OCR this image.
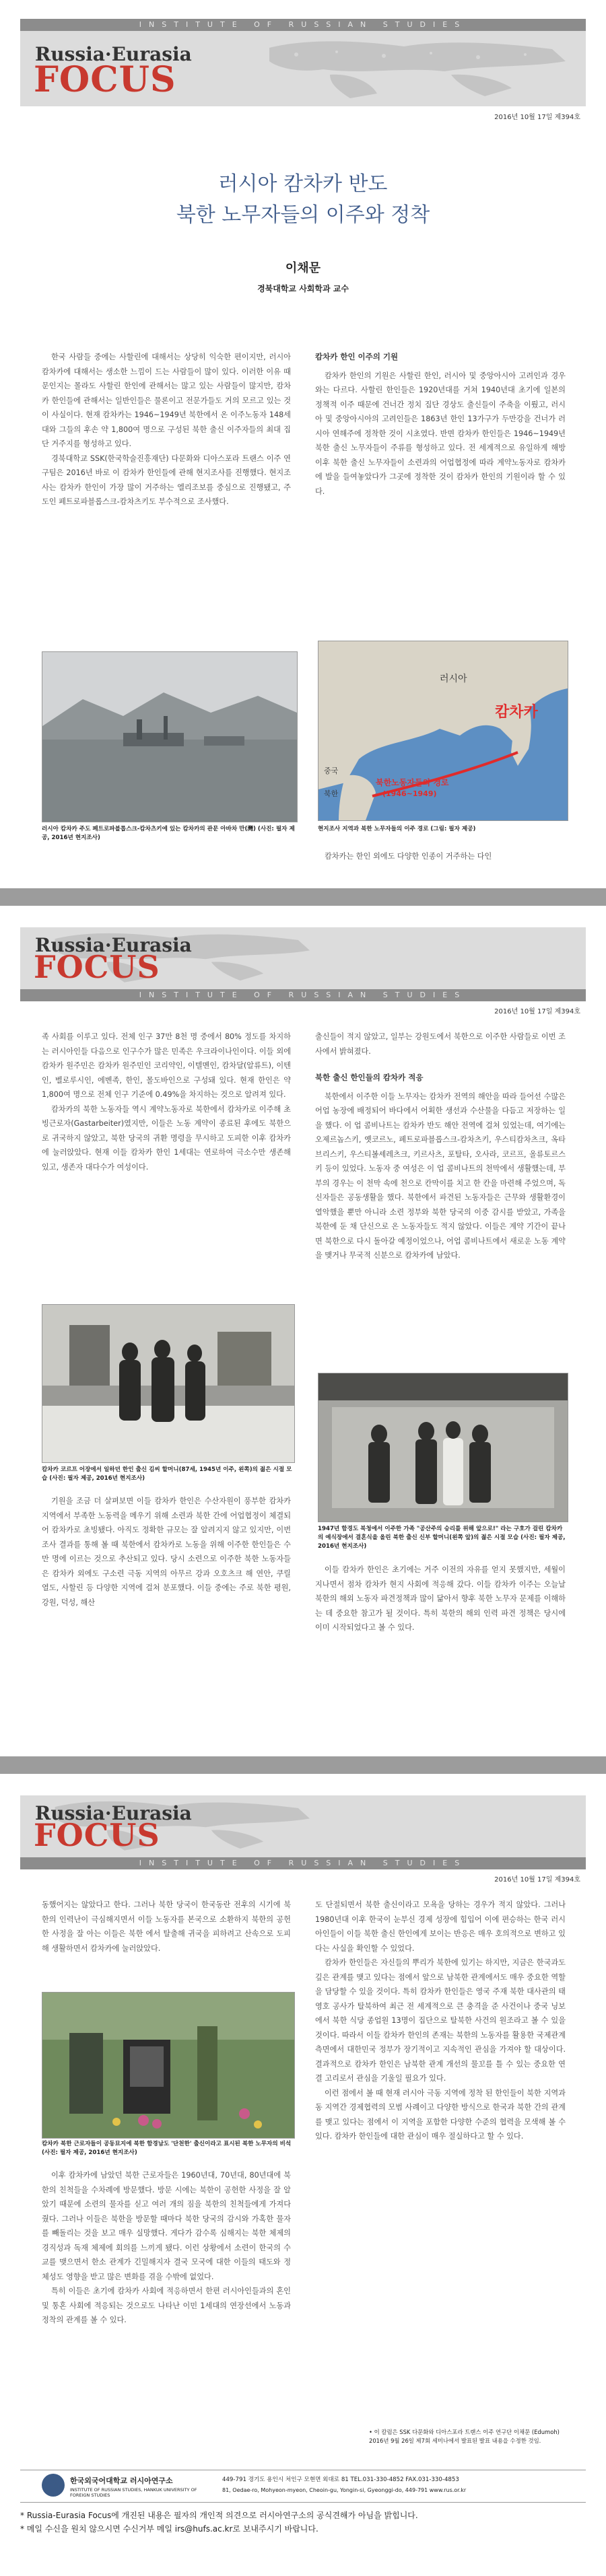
INSTITUTE OF RUSSIAN STUDIES
Russia·Eurasia
FOCUS
2016년 10월 17일 제394호
러시아 캄차카 반도
북한 노무자들의 이주와 정착
이채문
경북대학교 사회학과 교수

한국 사람들 중에는 사할린에 대해서는 상당히 익숙한 편이지만, 러시아 캄차카에 대해서는 생소한 느낌이 드는 사람들이 많이 있다. 이러한 이유 때문인지는 몰라도 사할린 한인에 관해서는 많고 있는 사람들이 많지만, 캄차카 한인들에 관해서는 일반인들은 물론이고 전문가들도 거의 모르고 있는 것이 사실이다. 현재 캄차카는 1946~1949년 북한에서 온 이주노동자 148세대와 그들의 후손 약 1,800여 명으로 구성된 북한 출신 이주자들의 최대 집단 거주지를 형성하고 있다.

경북대학교 SSK(한국학술진흥재단) 다문화와 디아스포라 트랜스 이주 연구팀은 2016년 바로 이 캄차카 한인들에 관해 현지조사를 진행했다. 현지조사는 캄차카 한인이 가장 많이 거주하는 엘리조보를 중심으로 진행됐고, 주도인 페트로파블롭스크-캄차츠키도 부수적으로 조사했다.

러시아 캄차카 주도 페트로파블롭스크-캄차츠키에 있는 캄차카의 관문 아바차 만(灣) (사진: 필자 제공, 2016년 현지조사)

캄차카 한인 이주의 기원

캄차카 한인의 기원은 사할린 한인, 러시아 및 중앙아시아 고려인과 경우와는 다르다. 사할린 한인들은 1920년대를 거쳐 1940년대 초기에 일본의 정책적 이주 때문에 건너간 정치 집단 경상도 출신들이 주축을 이뤘고, 러시아 및 중앙아시아의 고려인들은 1863년 한인 13가구가 두만강을 건너가 러시아 연해주에 정착한 것이 시초였다. 반면 캄차카 한인들은 1946~1949년 북한 출신 노무자들이 주류를 형성하고 있다. 전 세계적으로 유일하게 해방 이후 북한 출신 노무자들이 소련과의 어업협정에 따라 계약노동자로 캄차카에 발을 들여놓았다가 그곳에 정착한 것이 캄차카 한인의 기원이라 할 수 있다.

러시아
캄차카
중국
북한
북한노동자들의 경로
(1946~1949)
현지조사 지역과 북한 노무자들의 이주 경로 (그림: 필자 제공)

캄차카는 한인 외에도 다양한 인종이 거주하는 다인

Russia·Eurasia
FOCUS
INSTITUTE OF RUSSIAN STUDIES
2016년 10월 17일 제394호

족 사회를 이루고 있다. 전체 인구 37만 8천 명 중에서 80% 정도를 차지하는 러시아인들 다음으로 인구수가 많은 민족은 우크라이나인이다. 이들 외에 캄차카 원주민은 캄차카 원주민인 코리약인, 이텔멘인, 캄차달(알류트), 이텐인, 벨로루시인, 에벤족, 한인, 몰도바인으로 구성돼 있다. 현재 한인은 약 1,800여 명으로 전체 인구 기준에 0.49%을 차지하는 것으로 알려져 있다.

캄차카의 북한 노동자들 역시 계약노동자로 북한에서 캄차카로 이주해 초빙근로자(Gastarbeiter)였지만, 이들은 노동 계약이 종료된 후에도 북한으로 귀국하지 않았고, 북한 당국의 귀환 명령을 무시하고 도피한 이후 캄차카에 눌러앉았다. 현재 이들 캄차카 한인 1세대는 연로하여 극소수만 생존해 있고, 생존자 대다수가 여성이다.

캄차카 코르프 어장에서 일하던 한인 출신 김씨 할머니(87세, 1945년 이주, 왼쪽)의 젊은 시절 모습 (사진: 필자 제공, 2016년 현지조사)

기원을 조금 더 살펴보면 이들 캄차카 한인은 수산자원이 풍부한 캄차카 지역에서 부족한 노동력을 메우기 위해 소련과 북한 간에 어업협정이 체결되어 캄차카로 초빙됐다. 아직도 정확한 규모는 잘 알려지지 않고 있지만, 이번 조사 결과를 통해 볼 때 북한에서 캄차카로 노동을 위해 이주한 한인들은 수만 명에 이르는 것으로 추산되고 있다. 당시 소련으로 이주한 북한 노동자들은 캄차카 외에도 구소련 극동 지역의 아무르 강과 오호츠크 해 연안, 쿠릴 열도, 사할린 등 다양한 지역에 걸쳐 분포했다. 이들 중에는 주로 북한 평원, 강원, 덕성, 해산

출신들이 적지 않았고, 일부는 강원도에서 북한으로 이주한 사람들로 이번 조사에서 밝혀졌다.

북한 출신 한인들의 캄차카 적응

북한에서 이주한 이들 노무자는 캄차카 전역의 해안을 따라 들어선 수많은 어업 농장에 배정되어 바다에서 어획한 생선과 수산물을 다듬고 저장하는 일을 했다. 이 업 콤비나트는 캄차카 반도 해안 전역에 걸쳐 있었는데, 여기에는 오제르놉스키, 옛코르노, 페트로파블롭스크-캄차츠키, 우스티캄차츠크, 옥타브리스키, 우스티볼셰레츠크, 키르사츠, 포탈타, 오사라, 코르프, 올류토르스키 등이 있었다. 노동자 중 여성은 이 업 콤비나트의 천막에서 생활했는데, 부부의 경우는 이 천막 속에 천으로 칸막이를 치고 한 칸을 마련해 주었으며, 독신자들은 공동생활을 했다. 북한에서 파견된 노동자들은 근무와 생활환경이 열악했을 뿐만 아니라 소련 정부와 북한 당국의 이중 감시를 받았고, 가족을 북한에 둔 채 단신으로 온 노동자들도 적지 않았다. 이들은 계약 기간이 끝나면 북한으로 다시 돌아갈 예정이었으나, 어업 콤비나트에서 새로운 노동 계약을 맺거나 무국적 신분으로 캄차카에 남았다.

1947년 함경도 북청에서 이주한 가족 "공산주의 승리를 위해 앞으로!" 라는 구호가 걸린 캄차카의 예식장에서 결혼식을 올린 북한 출신 신부 할머니(왼쪽 앞)의 젊은 시절 모습 (사진: 필자 제공, 2016년 현지조사)

이들 캄차카 한인은 초기에는 거주 이전의 자유를 얻지 못했지만, 세월이 지나면서 점차 캄차카 현지 사회에 적응해 갔다. 이들 캄차카 이주는 오늘날 북한의 해외 노동자 파견정책과 많이 닮아서 향후 북한 노무자 문제를 이해하는 데 중요한 참고가 될 것이다. 특히 북한의 해외 인력 파견 정책은 당시에 이미 시작되었다고 볼 수 있다.

Russia·Eurasia
FOCUS
INSTITUTE OF RUSSIAN STUDIES
2016년 10월 17일 제394호

동했어지는 않았다고 한다. 그러나 북한 당국이 한국동란 전후의 시기에 북한의 인력난이 극심해지면서 이들 노동자를 본국으로 소환하지 북한의 공헌한 사정을 잘 아는 이들은 북한 에서 탈출해 귀국을 피하려고 산속으로 도피해 생활하면서 캄차카에 눌러앉았다.

캄차카 북한 근로자들이 공동묘지에 북한 함경남도 '단천한' 출신이라고 표시된 북한 노무자의 비석 (사진: 필자 제공, 2016년 현지조사)

이후 캄차카에 남았던 북한 근로자들은 1960년대, 70년대, 80년대에 북한의 친척들을 수차례에 방문했다. 방문 시에는 북한이 공헌한 사정을 잘 알았기 때문에 소련의 물자를 싣고 여러 개의 짐을 북한의 친척들에게 가져다줬다. 그러나 이들은 북한을 방문할 때마다 북한 당국의 감시와 가혹한 물자를 빼돌리는 것을 보고 매우 실망했다. 게다가 감수록 심해지는 북한 체제의 경직성과 독재 체제에 회의를 느끼게 됐다. 이런 상황에서 소련이 한국의 수교를 맺으면서 한소 관계가 긴밀해지자 결국 모국에 대한 이들의 태도와 정체성도 영향을 받고 많은 변화를 겪을 수밖에 없었다.

특히 이들은 초기에 캄차카 사회에 적응하면서 한편 러시아인들과의 혼인 및 통혼 사회에 적응되는 것으로도 나타난 이민 1세대의 연장선에서 노동과 정착의 관계를 볼 수 있다.

도 단절되면서 북한 출신이라고 모욕을 당하는 경우가 적지 않았다. 그러나 1980년대 이후 한국이 눈부신 경제 성장에 힘입어 이에 편승하는 한국 러시아인들이 이들 북한 출신 한인에게 보이는 반응은 매우 호의적으로 변하고 있다는 사실을 확인할 수 있었다.

캄차카 한인들은 자신들의 뿌리가 북한에 있기는 하지만, 지금은 한국과도 깊은 관계를 맺고 있다는 점에서 앞으로 남북한 관계에서도 매우 중요한 역할을 담당할 수 있을 것이다. 특히 캄차카 한인들은 영국 주재 북한 대사관의 태영호 공사가 탈북하여 최근 전 세계적으로 큰 충격을 준 사건이나 중국 닝보에서 북한 식당 종업원 13명이 집단으로 탈북한 사건의 원조라고 볼 수 있을 것이다. 따라서 이들 캄차카 한인의 존재는 북한의 노동자를 활용한 국제관계 측면에서 대한민국 정부가 장기적이고 지속적인 관심을 가져야 할 대상이다. 결과적으로 캄차카 한인은 남북한 관계 개선의 물꼬를 틀 수 있는 중요한 연결 고리로서 관심을 기울일 필요가 있다.

이런 점에서 볼 때 현재 러시아 극동 지역에 정착 된 한인들이 북한 지역과 동 지역간 경제협력의 모범 사례이고 다양한 방식으로 한국과 북한 간의 관계를 맺고 있다는 점에서 이 지역을 포함한 다양한 수준의 협력을 모색해 볼 수 있다. 캄차카 한인들에 대한 관심이 매우 절실하다고 할 수 있다.

• 이 칼럼은 SSK 다문화와 디아스포라 트랜스 이주 연구단 이채문 (Edumoh) 2016년 9월 26일 제7회 세미나에서 발표된 발표 내용을 수정한 것임.
한국외국어대학교 러시아연구소
INSTITUTE OF RUSSIAN STUDIES, HANKUK UNIVERSITY OF FOREIGN STUDIES
449-791 경기도 용인시 처인구 모현면 외대로 81 TEL.031-330-4852 FAX.031-330-4853
81, Oedae-ro, Mohyeon-myeon, Cheoin-gu, Yongin-si, Gyeonggi-do, 449-791 www.rus.or.kr
* Russia-Eurasia Focus에 개진된 내용은 필자의 개인적 의견으로 러시아연구소의 공식견해가 아님을 밝힙니다.
* 메일 수신을 원치 않으시면 수신거부 메일 irs@hufs.ac.kr로 보내주시기 바랍니다.
